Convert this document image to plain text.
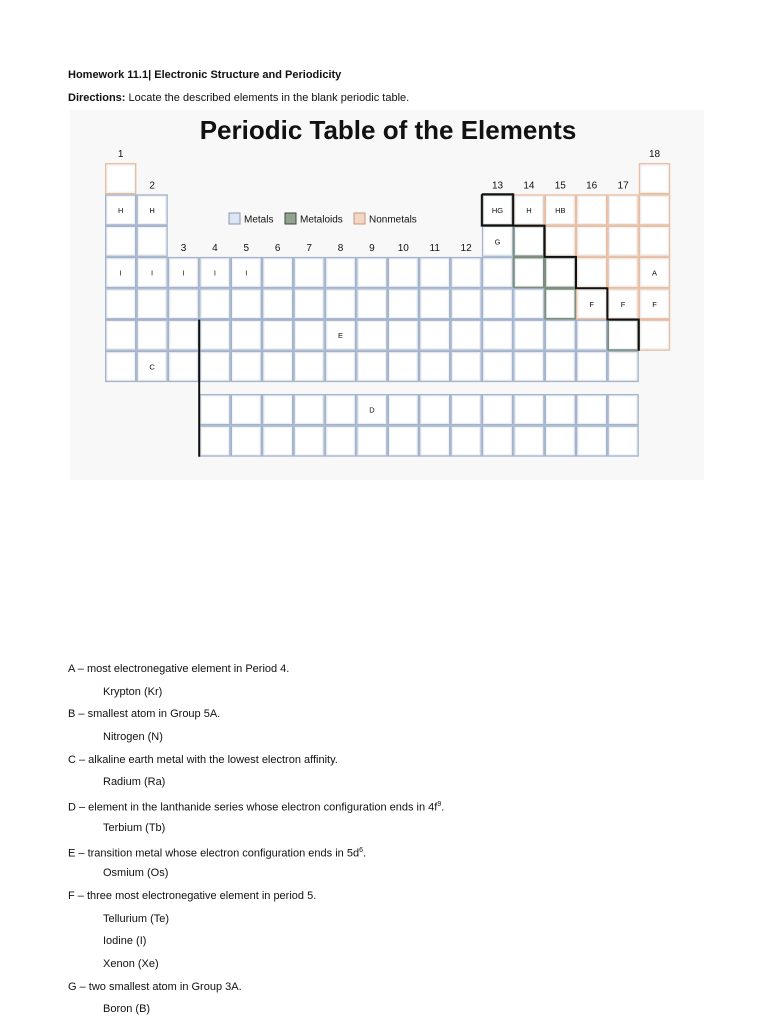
Homework 11.1| Electronic Structure and Periodicity
Directions: Locate the described elements in the blank periodic table.
Periodic Table of the Elements
1
2
3	4	5	6	7	8	9 10 11 12
13 14 15 16 17
18
H	H	HG	H	HB
G
I	I	I	I	I	A
F	F	F
E
C
D
Metals	Metaloids	Nonmetals
A – most electronegative element in Period 4.
Krypton (Kr)
B – smallest atom in Group 5A.
Nitrogen (N)
C – alkaline earth metal with the lowest electron affinity.
Radium (Ra)
D – element in the lanthanide series whose electron configuration ends in $4f^9$.
Terbium (Tb)
E – transition metal whose electron configuration ends in $5d^6$.
Osmium (Os)
F – three most electronegative element in period 5.
Tellurium (Te)
Iodine (I)
Xenon (Xe)
G – two smallest atom in Group 3A.
Boron (B)
